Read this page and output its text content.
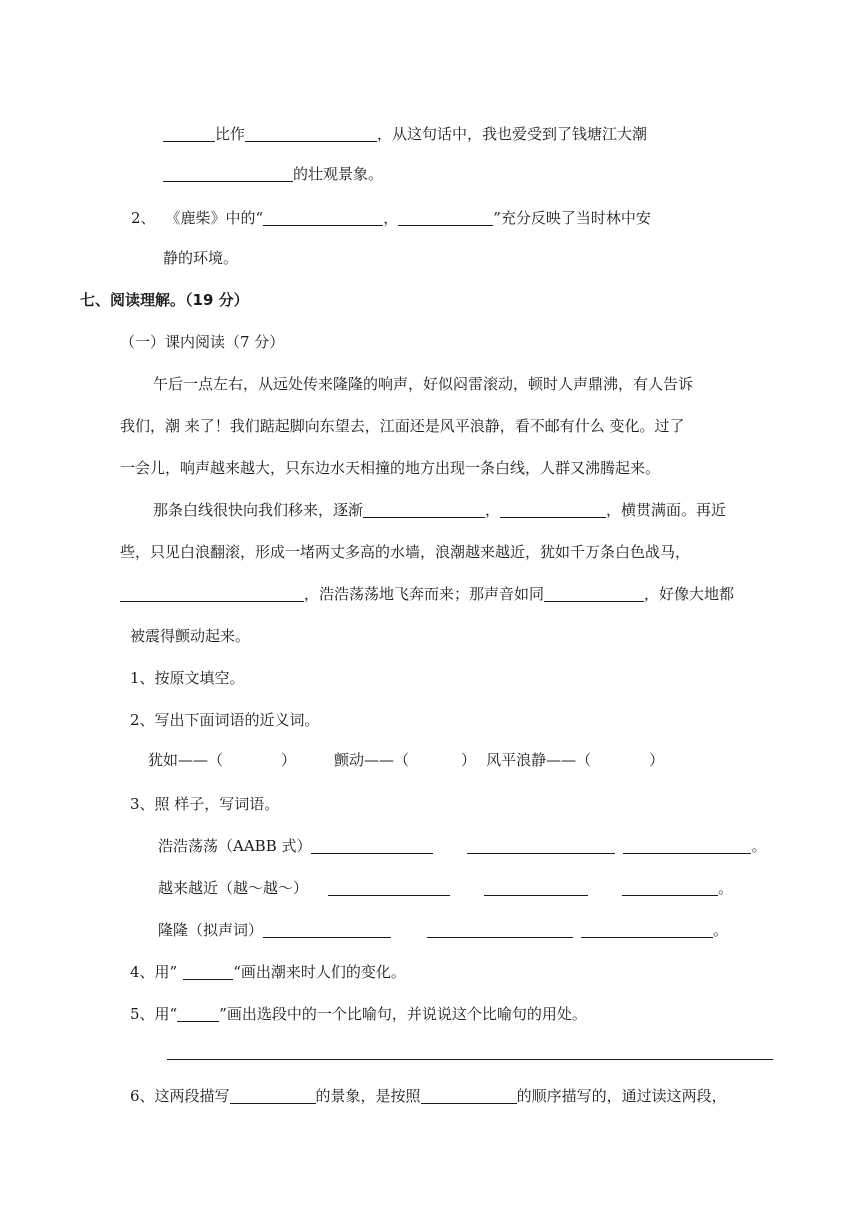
比作	，从这句话中，我也爱受到了钱塘江大潮
的壮观景象。
2、 《鹿柴》中的“	，	”充分反映了当时林中安
静的环境。
七、阅读理解。（19 分）
（一）课内阅读（7 分）
午后一点左右，从远处传来隆隆的响声，好似闷雷滚动，顿时人声鼎沸，有人告诉
我们，潮 来了！我们踮起脚向东望去，江面还是风平浪静，看不邮有什么 变化。过了
一会儿，响声越来越大，只东边水天相撞的地方出现一条白线，人群又沸腾起来。
那条白线很快向我们移来，逐渐	，	，横贯满面。再近
些，只见白浪翻滚，形成一堵两丈多高的水墙，浪潮越来越近，犹如千万条白色战马，
，浩浩荡荡地飞奔而来；那声音如同	，好像大地都
被震得颤动起来。
1、按原文填空。
2、写出下面词语的近义词。
犹如——（	）	颤动——（	） 风平浪静——（	）
3、照 样子，写词语。
浩浩荡荡（AABB 式）	。
越来越近（越～越～）	。
隆隆（拟声词）	。
4、用”	“画出潮来时人们的变化。
5、用“	”画出选段中的一个比喻句，并说说这个比喻句的用处。
6、这两段描写	的景象，是按照	的顺序描写的，通过读这两段，
